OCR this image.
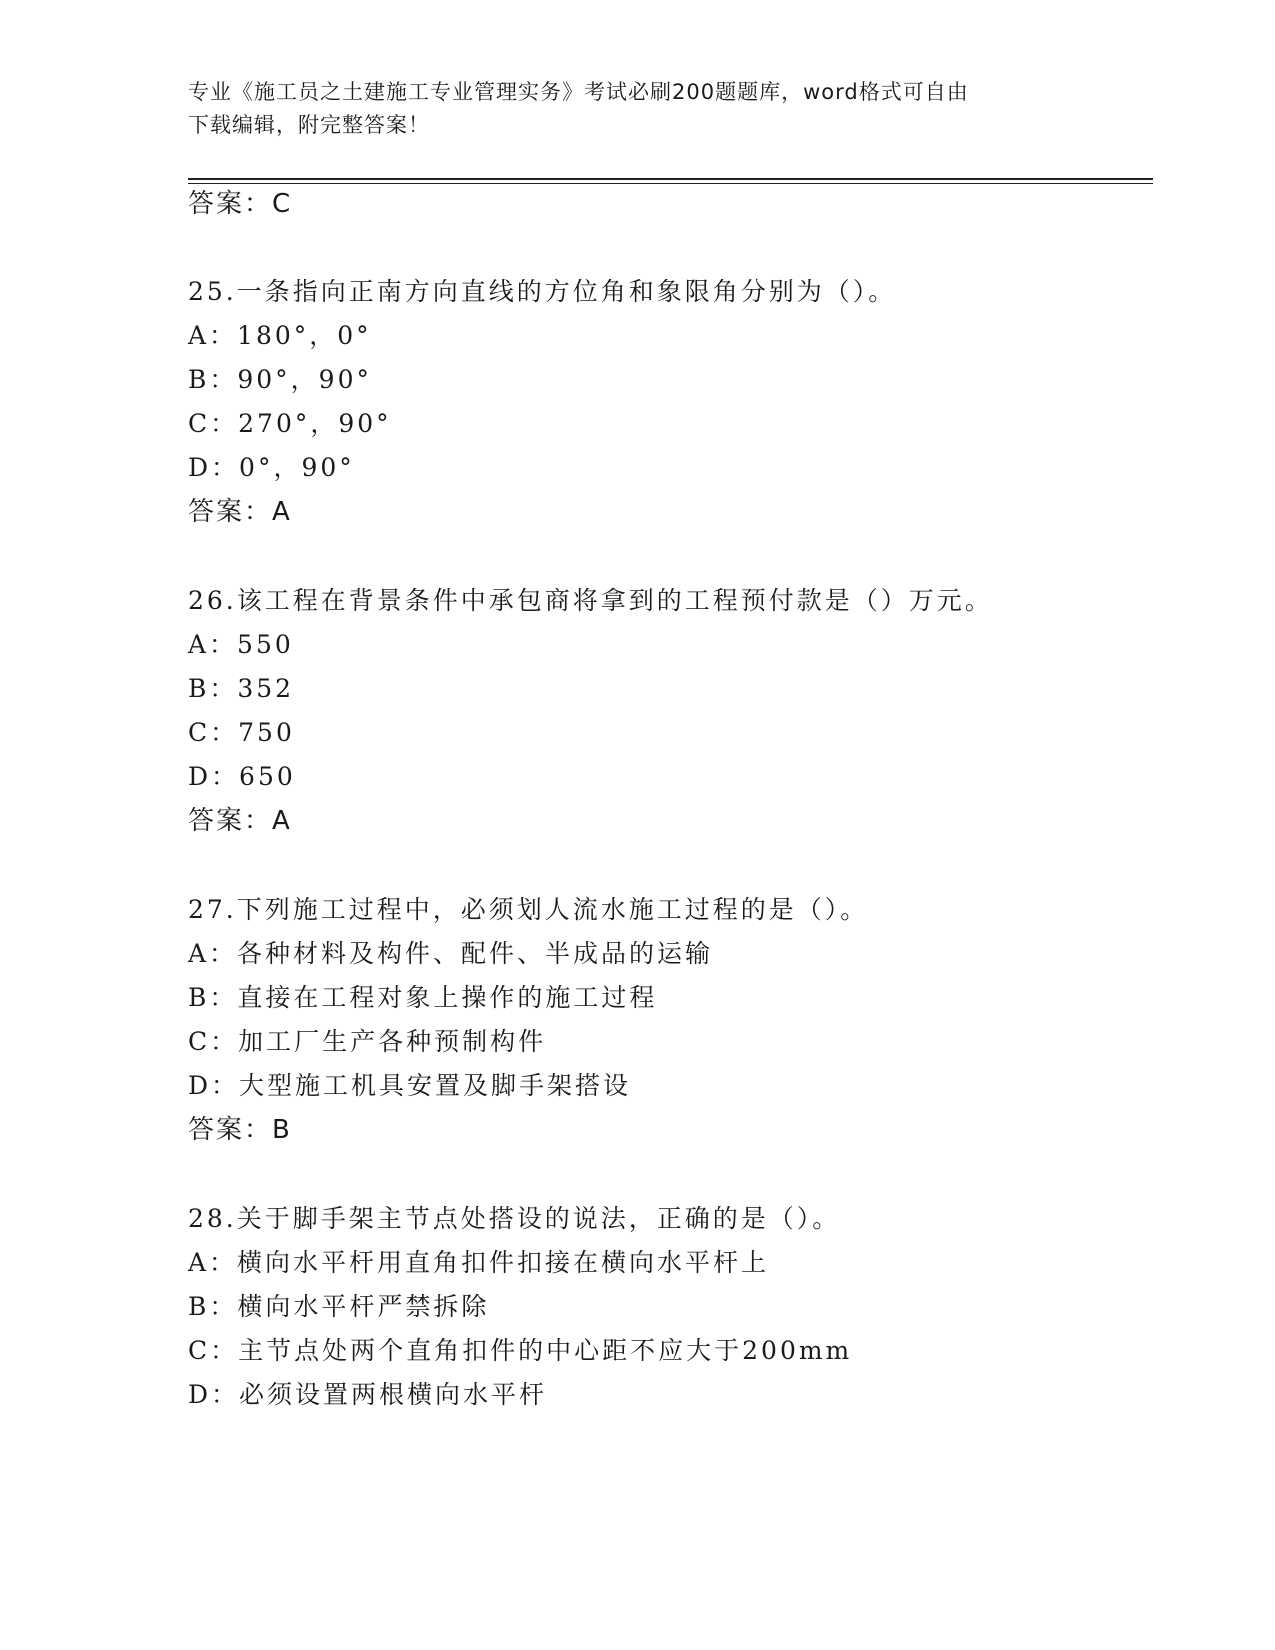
专业《施工员之土建施工专业管理实务》考试必刷200题题库，word格式可自由
下载编辑，附完整答案！
答案：C
25.一条指向正南方向直线的方位角和象限角分别为（）。
A：180°，0°
B：90°，90°
C：270°，90°
D：0°，90°
答案：A
26.该工程在背景条件中承包商将拿到的工程预付款是（）万元。
A：550
B：352
C：750
D：650
答案：A
27.下列施工过程中，必须划人流水施工过程的是（）。
A：各种材料及构件、配件、半成品的运输
B：直接在工程对象上操作的施工过程
C：加工厂生产各种预制构件
D：大型施工机具安置及脚手架搭设
答案：B
28.关于脚手架主节点处搭设的说法，正确的是（）。
A：横向水平杆用直角扣件扣接在横向水平杆上
B：横向水平杆严禁拆除
C：主节点处两个直角扣件的中心距不应大于200mm
D：必须设置两根横向水平杆
